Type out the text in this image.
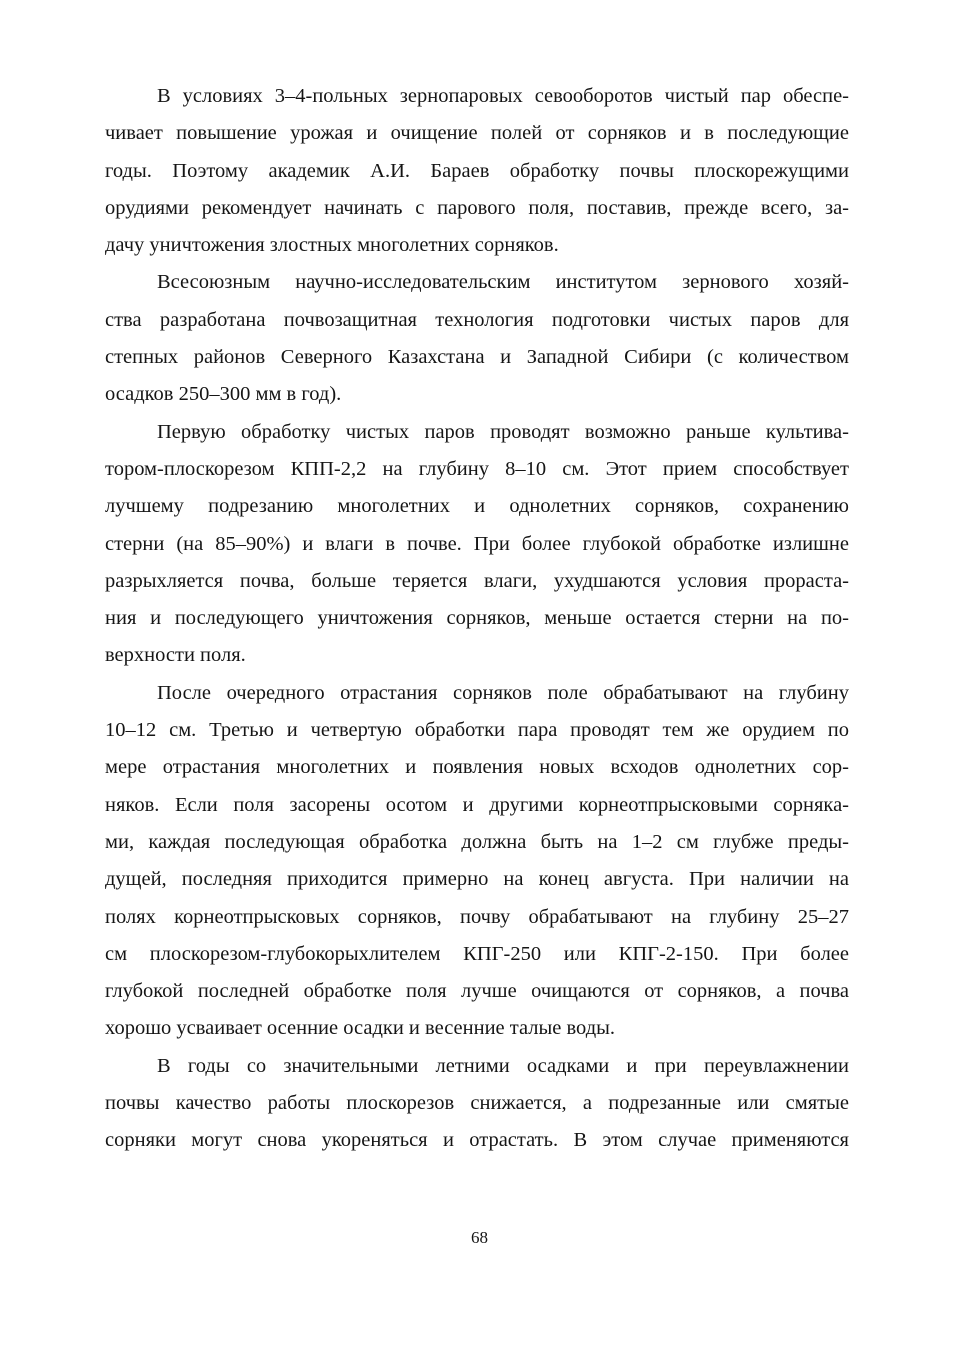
В условиях 3–4-польных зернопаровых севооборотов чистый пар обеспе-
чивает повышение урожая и очищение полей от сорняков и в последующие
годы. Поэтому академик А.И. Бараев обработку почвы плоскорежущими
орудиями рекомендует начинать с парового поля, поставив, прежде всего, за-
дачу уничтожения злостных многолетних сорняков.
Всесоюзным научно-исследовательским институтом зернового хозяй-
ства разработана почвозащитная технология подготовки чистых паров для
степных районов Северного Казахстана и Западной Сибири (с количеством
осадков 250–300 мм в год).
Первую обработку чистых паров проводят возможно раньше культива-
тором-плоскорезом КПП-2,2 на глубину 8–10 см. Этот прием способствует
лучшему подрезанию многолетних и однолетних сорняков, сохранению
стерни (на 85–90%) и влаги в почве. При более глубокой обработке излишне
разрыхляется почва, больше теряется влаги, ухудшаются условия прораста-
ния и последующего уничтожения сорняков, меньше остается стерни на по-
верхности поля.
После очередного отрастания сорняков поле обрабатывают на глубину
10–12 см. Третью и четвертую обработки пара проводят тем же орудием по
мере отрастания многолетних и появления новых всходов однолетних сор-
няков. Если поля засорены осотом и другими корнеотпрысковыми сорняка-
ми, каждая последующая обработка должна быть на 1–2 см глубже преды-
дущей, последняя приходится примерно на конец августа. При наличии на
полях корнеотпрысковых сорняков, почву обрабатывают на глубину 25–27
см плоскорезом-глубокорыхлителем КПГ-250 или КПГ-2-150. При более
глубокой последней обработке поля лучше очищаются от сорняков, а почва
хорошо усваивает осенние осадки и весенние талые воды.
В годы со значительными летними осадками и при переувлажнении
почвы качество работы плоскорезов снижается, а подрезанные или смятые
сорняки могут снова укореняться и отрастать. В этом случае применяются
68
